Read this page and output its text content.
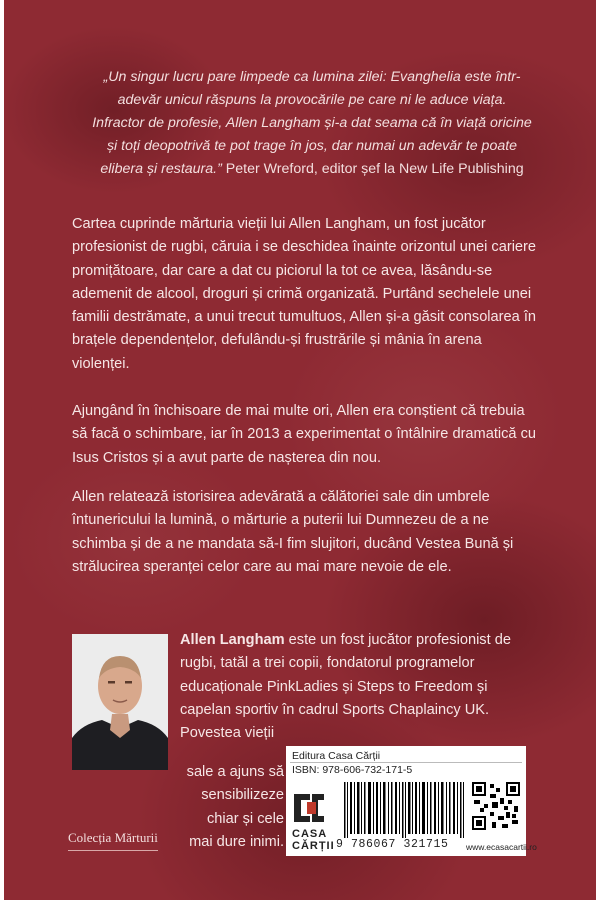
„Un singur lucru pare limpede ca lumina zilei: Evanghelia este într-adevăr unicul răspuns la provocările pe care ni le aduce viața. Infractor de profesie, Allen Langham și-a dat seama că în viață oricine și toți deopotrivă te pot trage în jos, dar numai un adevăr te poate elibera și restaura.” Peter Wreford, editor șef la New Life Publishing
Cartea cuprinde mărturia vieții lui Allen Langham, un fost jucător profesionist de rugbi, căruia i se deschidea înainte orizontul unei cariere promițătoare, dar care a dat cu piciorul la tot ce avea, lăsându-se ademenit de alcool, droguri și crimă organizată. Purtând sechelele unei familii destrămate, a unui trecut tumultuos, Allen și-a găsit consolarea în brațele dependențelor, defulându-și frustrările și mânia în arena violenței.
Ajungând în închisoare de mai multe ori, Allen era conștient că trebuia să facă o schimbare, iar în 2013 a experimentat o întâlnire dramatică cu Isus Cristos și a avut parte de nașterea din nou.
Allen relatează istorisirea adevărată a călătoriei sale din umbrele întunericului la lumină, o mărturie a puterii lui Dumnezeu de a ne schimba și de a ne mandata să-I fim slujitori, ducând Vestea Bună și strălucirea speranței celor care au mai mare nevoie de ele.
Allen Langham este un fost jucător profesionist de rugbi, tatăl a trei copii, fondatorul programelor educaționale PinkLadies și Steps to Freedom și capelan sportiv în cadrul Sports Chaplaincy UK. Povestea vieții
sale a ajuns să sensibilizeze chiar și cele mai dure inimi.
Editura Casa Cărții
ISBN: 978-606-732-171-5
CASA
CĂRȚII 9 786067 321715 www.ecasacartii.ro
Colecția Mărturii
